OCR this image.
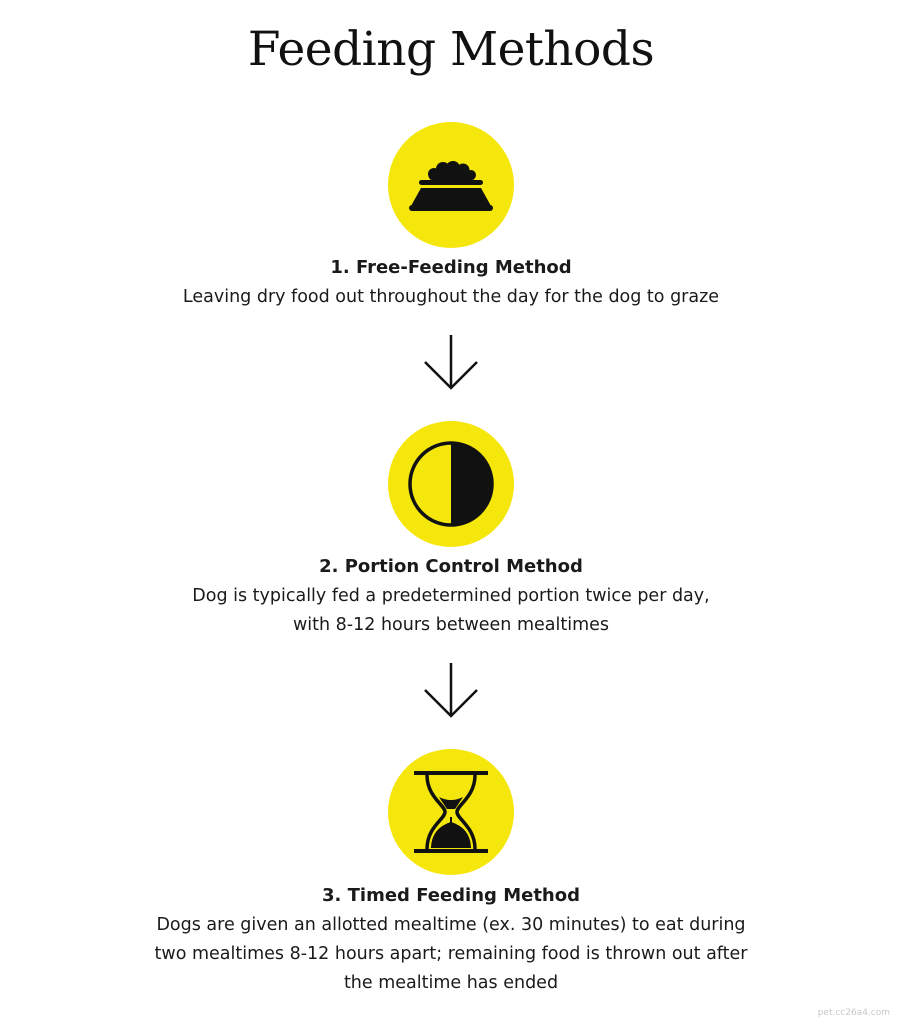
Feeding Methods
1. Free-Feeding Method
Leaving dry food out throughout the day for the dog to graze
2. Portion Control Method
Dog is typically fed a predetermined portion twice per day,
with 8-12 hours between mealtimes
3. Timed Feeding Method
Dogs are given an allotted mealtime (ex. 30 minutes) to eat during
two mealtimes 8-12 hours apart; remaining food is thrown out after
the mealtime has ended
pet.cc26a4.com
